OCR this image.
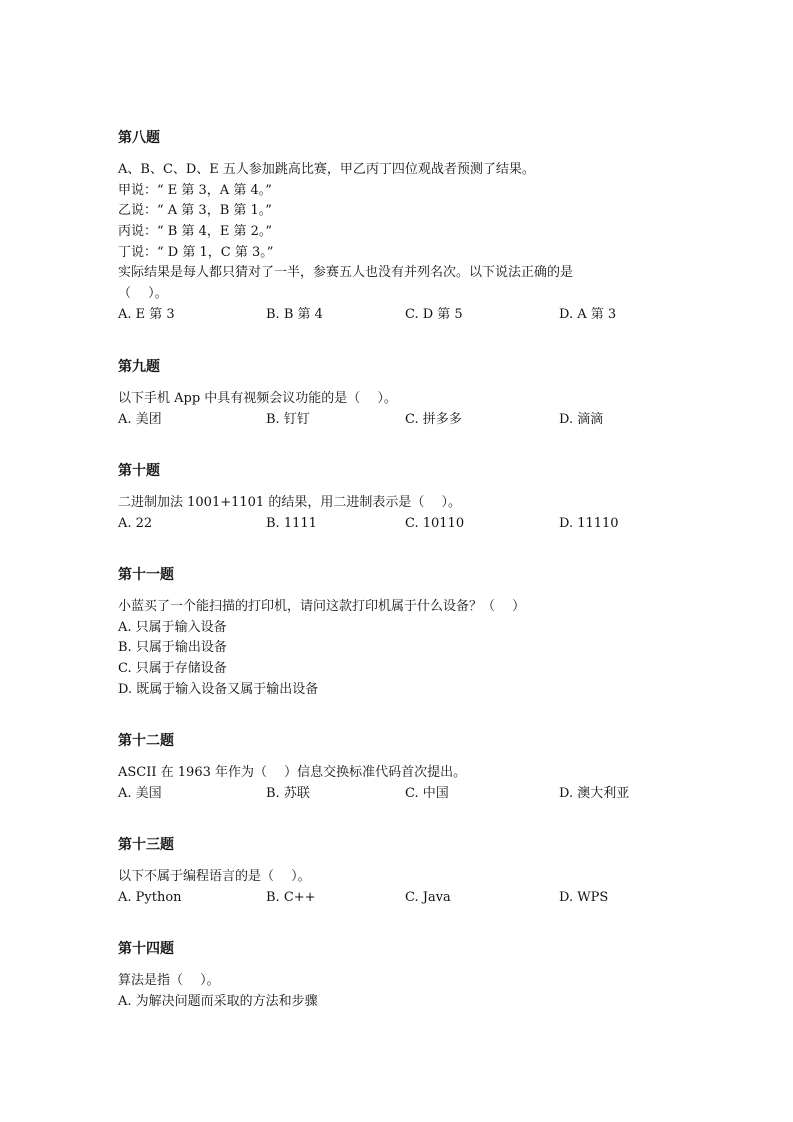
第八题
A、B、C、D、E 五人参加跳高比赛，甲乙丙丁四位观战者预测了结果。
甲说：“ E 第 3，A 第 4。”
乙说：“ A 第 3，B 第 1。”
丙说：“ B 第 4，E 第 2。”
丁说：“ D 第 1，C 第 3。”
实际结果是每人都只猜对了一半，参赛五人也没有并列名次。以下说法正确的是
（　 ）。
A. E 第 3	B. B 第 4	C. D 第 5	D. A 第 3
第九题
以下手机 App 中具有视频会议功能的是（　 ）。
A. 美团	B. 钉钉	C. 拼多多	D. 滴滴
第十题
二进制加法 1001+1101 的结果，用二进制表示是（　 ）。
A. 22	B. 1111	C. 10110	D. 11110
第十一题
小蓝买了一个能扫描的打印机，请问这款打印机属于什么设备？（　 ）
A. 只属于输入设备
B. 只属于输出设备
C. 只属于存储设备
D. 既属于输入设备又属于输出设备
第十二题
ASCII 在 1963 年作为（　 ）信息交换标准代码首次提出。
A. 美国	B. 苏联	C. 中国	D. 澳大利亚
第十三题
以下不属于编程语言的是（　 ）。
A. Python	B. C++	C. Java	D. WPS
第十四题
算法是指（　 ）。
A. 为解决问题而采取的方法和步骤
